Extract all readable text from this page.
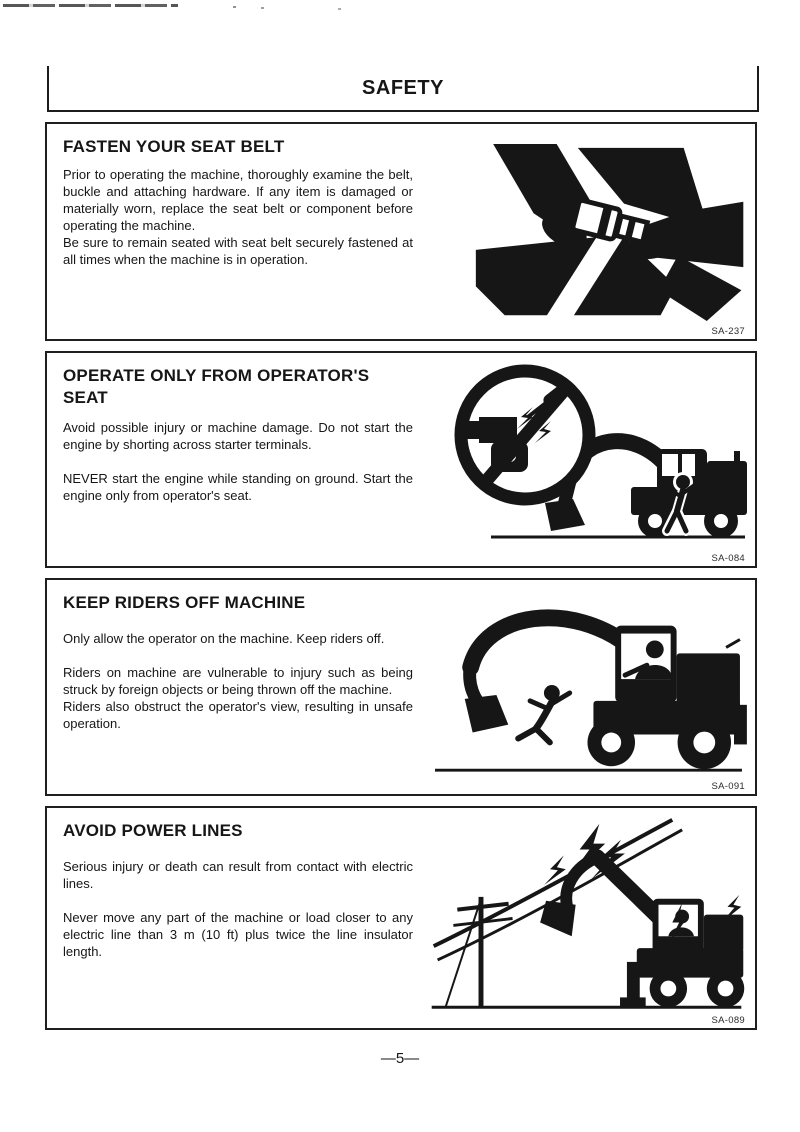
SAFETY
FASTEN YOUR SEAT BELT

Prior to operating the machine, thoroughly examine the belt, buckle and attaching hardware. If any item is damaged or materially worn, replace the seat belt or component before operating the machine.

Be sure to remain seated with seat belt securely fastened at all times when the machine is in operation.

SA-237
OPERATE ONLY FROM OPERATOR'S SEAT

Avoid possible injury or machine damage. Do not start the engine by shorting across starter terminals.

NEVER start the engine while standing on ground. Start the engine only from operator's seat.

SA-084
KEEP RIDERS OFF MACHINE

Only allow the operator on the machine. Keep riders off.

Riders on machine are vulnerable to injury such as being struck by foreign objects or being thrown off the machine.

Riders also obstruct the operator's view, resulting in unsafe operation.

SA-091
AVOID POWER LINES

Serious injury or death can result from contact with electric lines.

Never move any part of the machine or load closer to any electric line than 3 m (10 ft) plus twice the line insulator length.

SA-089
—5—
